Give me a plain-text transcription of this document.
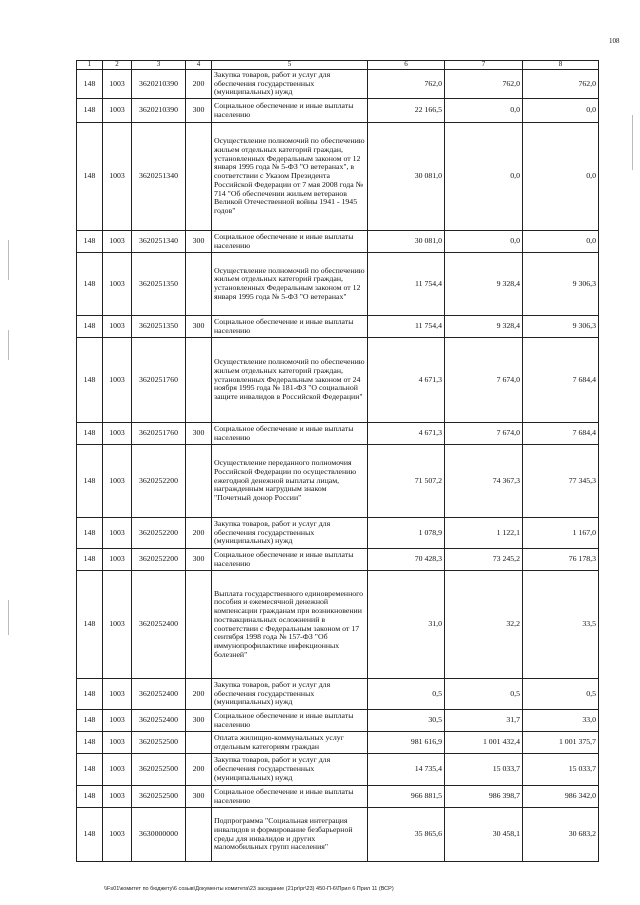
108
1	2	3	4	5	6	7	8
148	1003	3620210390	200	Закупка товаров, работ и услуг для обеспечения государственных (муниципальных) нужд	762,0	762,0	762,0
148	1003	3620210390	300	Социальное обеспечение и иные выплаты населению	22 166,5	0,0	0,0
148	1003	3620251340		Осуществление полномочий по обеспечению жильем отдельных категорий граждан, установленных Федеральным законом от 12 января 1995 года № 5-ФЗ "О ветеранах", в соответствии с Указом Президента Российской Федерации от 7 мая 2008 года № 714 "Об обеспечении жильем ветеранов Великой Отечественной войны 1941 - 1945 годов"	30 081,0	0,0	0,0
148	1003	3620251340	300	Социальное обеспечение и иные выплаты населению	30 081,0	0,0	0,0
148	1003	3620251350		Осуществление полномочий по обеспечению жильем отдельных категорий граждан, установленных Федеральным законом от 12 января 1995 года № 5-ФЗ "О ветеранах"	11 754,4	9 328,4	9 306,3
148	1003	3620251350	300	Социальное обеспечение и иные выплаты населению	11 754,4	9 328,4	9 306,3
148	1003	3620251760		Осуществление полномочий по обеспечению жильем отдельных категорий граждан, установленных Федеральным законом от 24 ноября 1995 года № 181-ФЗ "О социальной защите инвалидов в Российской Федерации"	4 671,3	7 674,0	7 684,4
148	1003	3620251760	300	Социальное обеспечение и иные выплаты населению	4 671,3	7 674,0	7 684,4
148	1003	3620252200		Осуществление переданного полномочия Российской Федерации по осуществлению ежегодной денежной выплаты лицам, награжденным нагрудным знаком "Почетный донор России"	71 507,2	74 367,3	77 345,3
148	1003	3620252200	200	Закупка товаров, работ и услуг для обеспечения государственных (муниципальных) нужд	1 078,9	1 122,1	1 167,0
148	1003	3620252200	300	Социальное обеспечение и иные выплаты населению	70 428,3	73 245,2	76 178,3
148	1003	3620252400		Выплата государственного единовременного пособия и ежемесячной денежной компенсации гражданам при возникновении поствакцинальных осложнений в соответствии с Федеральным законом от 17 сентября 1998 года № 157-ФЗ "Об иммунопрофилактике инфекционных болезней"	31,0	32,2	33,5
148	1003	3620252400	200	Закупка товаров, работ и услуг для обеспечения государственных (муниципальных) нужд	0,5	0,5	0,5
148	1003	3620252400	300	Социальное обеспечение и иные выплаты населению	30,5	31,7	33,0
148	1003	3620252500		Оплата жилищно-коммунальных услуг отдельным категориям граждан	981 616,9	1 001 432,4	1 001 375,7
148	1003	3620252500	200	Закупка товаров, работ и услуг для обеспечения государственных (муниципальных) нужд	14 735,4	15 033,7	15 033,7
148	1003	3620252500	300	Социальное обеспечение и иные выплаты населению	966 881,5	986 398,7	986 342,0
148	1003	3630000000		Подпрограмма "Социальная интеграция инвалидов и формирование безбарьерной среды для инвалидов и других маломобильных групп населения"	35 865,6	30 458,1	30 683,2
\\Fs01\комитет по бюджету\6 созыв\Документы комитета\23 заседание (21pr\pr\23) 450-П-6\Прил 6 Прил 11 (ВСР)
